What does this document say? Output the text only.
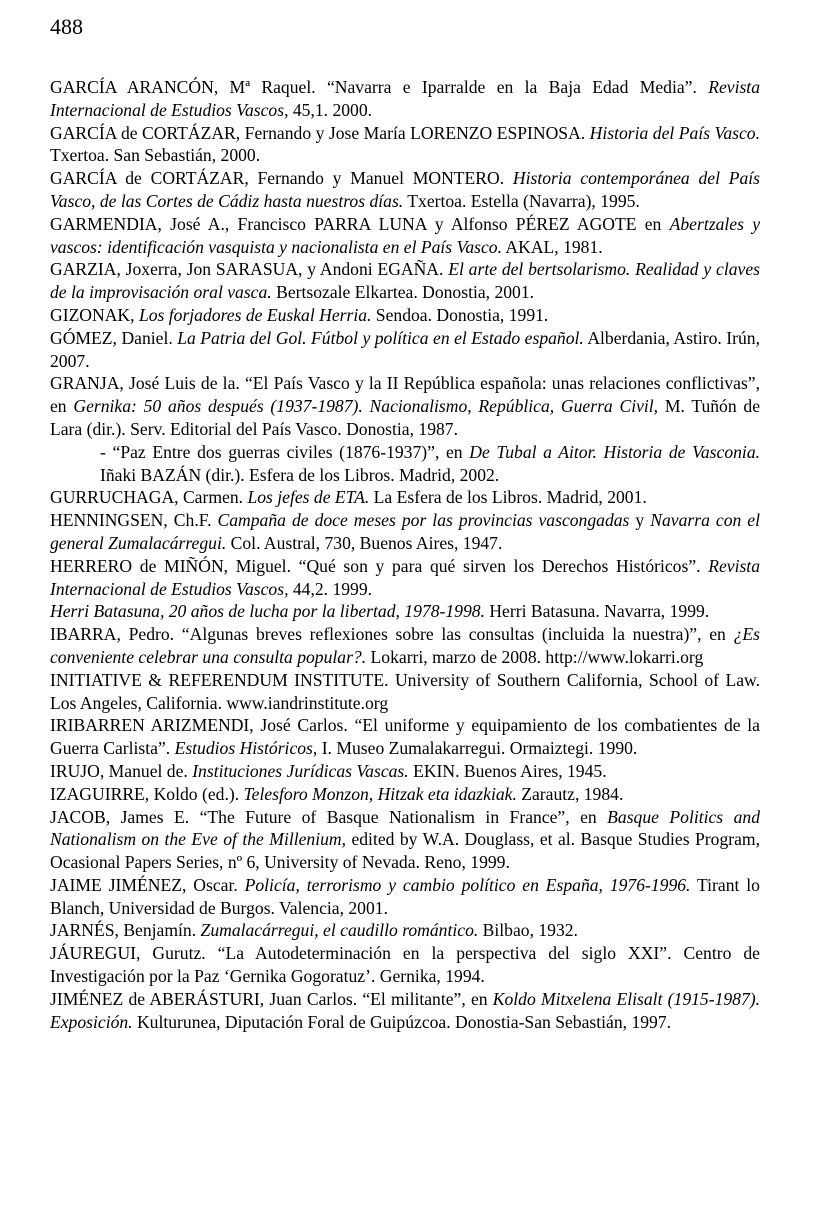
488

GARCÍA ARANCÓN, Mª Raquel. “Navarra e Iparralde en la Baja Edad Media”. Revista Internacional de Estudios Vascos, 45,1. 2000.

GARCÍA de CORTÁZAR, Fernando y Jose María LORENZO ESPINOSA. Historia del País Vasco. Txertoa. San Sebastián, 2000.

GARCÍA de CORTÁZAR, Fernando y Manuel MONTERO. Historia contemporánea del País Vasco, de las Cortes de Cádiz hasta nuestros días. Txertoa. Estella (Navarra), 1995.

GARMENDIA, José A., Francisco PARRA LUNA y Alfonso PÉREZ AGOTE en Abertzales y vascos: identificación vasquista y nacionalista en el País Vasco. AKAL, 1981.

GARZIA, Joxerra, Jon SARASUA, y Andoni EGAÑA. El arte del bertsolarismo. Realidad y claves de la improvisación oral vasca. Bertsozale Elkartea. Donostia, 2001.

GIZONAK, Los forjadores de Euskal Herria. Sendoa. Donostia, 1991.

GÓMEZ, Daniel. La Patria del Gol. Fútbol y política en el Estado español. Alberdania, Astiro. Irún, 2007.

GRANJA, José Luis de la. “El País Vasco y la II República española: unas relaciones conflictivas”, en Gernika: 50 años después (1937-1987). Nacionalismo, República, Guerra Civil, M. Tuñón de Lara (dir.). Serv. Editorial del País Vasco. Donostia, 1987.

- “Paz Entre dos guerras civiles (1876-1937)”, en De Tubal a Aitor. Historia de Vasconia. Iñaki BAZÁN (dir.). Esfera de los Libros. Madrid, 2002.

GURRUCHAGA, Carmen. Los jefes de ETA. La Esfera de los Libros. Madrid, 2001.

HENNINGSEN, Ch.F. Campaña de doce meses por las provincias vascongadas y Navarra con el general Zumalacárregui. Col. Austral, 730, Buenos Aires, 1947.

HERRERO de MIÑÓN, Miguel. “Qué son y para qué sirven los Derechos Históricos”. Revista Internacional de Estudios Vascos, 44,2. 1999.

Herri Batasuna, 20 años de lucha por la libertad, 1978-1998. Herri Batasuna. Navarra, 1999.

IBARRA, Pedro. “Algunas breves reflexiones sobre las consultas (incluida la nuestra)”, en ¿Es conveniente celebrar una consulta popular?. Lokarri, marzo de 2008. http://www.lokarri.org

INITIATIVE & REFERENDUM INSTITUTE. University of Southern California, School of Law. Los Angeles, California. www.iandrinstitute.org

IRIBARREN ARIZMENDI, José Carlos. “El uniforme y equipamiento de los combatientes de la Guerra Carlista”. Estudios Históricos, I. Museo Zumalakarregui. Ormaiztegi. 1990.

IRUJO, Manuel de. Instituciones Jurídicas Vascas. EKIN. Buenos Aires, 1945.

IZAGUIRRE, Koldo (ed.). Telesforo Monzon, Hitzak eta idazkiak. Zarautz, 1984.

JACOB, James E. “The Future of Basque Nationalism in France”, en Basque Politics and Nationalism on the Eve of the Millenium, edited by W.A. Douglass, et al. Basque Studies Program, Ocasional Papers Series, nº 6, University of Nevada. Reno, 1999.

JAIME JIMÉNEZ, Oscar. Policía, terrorismo y cambio político en España, 1976-1996. Tirant lo Blanch, Universidad de Burgos. Valencia, 2001.

JARNÉS, Benjamín. Zumalacárregui, el caudillo romántico. Bilbao, 1932.

JÁUREGUI, Gurutz. “La Autodeterminación en la perspectiva del siglo XXI”. Centro de Investigación por la Paz ‘Gernika Gogoratuz’. Gernika, 1994.

JIMÉNEZ de ABERÁSTURI, Juan Carlos. “El militante”, en Koldo Mitxelena Elisalt (1915-1987). Exposición. Kulturunea, Diputación Foral de Guipúzcoa. Donostia-San Sebastián, 1997.
